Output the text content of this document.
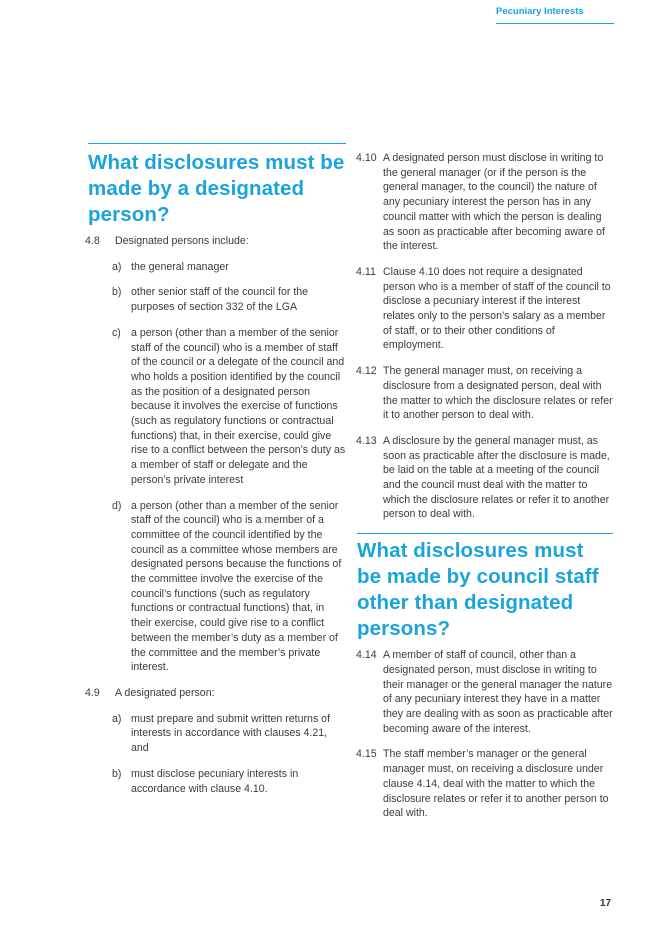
Pecuniary Interests
What disclosures must be made by a designated person?
4.8 Designated persons include:
a) the general manager
b) other senior staff of the council for the purposes of section 332 of the LGA
c) a person (other than a member of the senior staff of the council) who is a member of staff of the council or a delegate of the council and who holds a position identified by the council as the position of a designated person because it involves the exercise of functions (such as regulatory functions or contractual functions) that, in their exercise, could give rise to a conflict between the person’s duty as a member of staff or delegate and the person’s private interest
d) a person (other than a member of the senior staff of the council) who is a member of a committee of the council identified by the council as a committee whose members are designated persons because the functions of the committee involve the exercise of the council’s functions (such as regulatory functions or contractual functions) that, in their exercise, could give rise to a conflict between the member’s duty as a member of the committee and the member’s private interest.
4.9 A designated person:
a) must prepare and submit written returns of interests in accordance with clauses 4.21, and
b) must disclose pecuniary interests in accordance with clause 4.10.
4.10 A designated person must disclose in writing to the general manager (or if the person is the general manager, to the council) the nature of any pecuniary interest the person has in any council matter with which the person is dealing as soon as practicable after becoming aware of the interest.
4.11 Clause 4.10 does not require a designated person who is a member of staff of the council to disclose a pecuniary interest if the interest relates only to the person’s salary as a member of staff, or to their other conditions of employment.
4.12 The general manager must, on receiving a disclosure from a designated person, deal with the matter to which the disclosure relates or refer it to another person to deal with.
4.13 A disclosure by the general manager must, as soon as practicable after the disclosure is made, be laid on the table at a meeting of the council and the council must deal with the matter to which the disclosure relates or refer it to another person to deal with.
What disclosures must be made by council staff other than designated persons?
4.14 A member of staff of council, other than a designated person, must disclose in writing to their manager or the general manager the nature of any pecuniary interest they have in a matter they are dealing with as soon as practicable after becoming aware of the interest.
4.15 The staff member’s manager or the general manager must, on receiving a disclosure under clause 4.14, deal with the matter to which the disclosure relates or refer it to another person to deal with.
17
